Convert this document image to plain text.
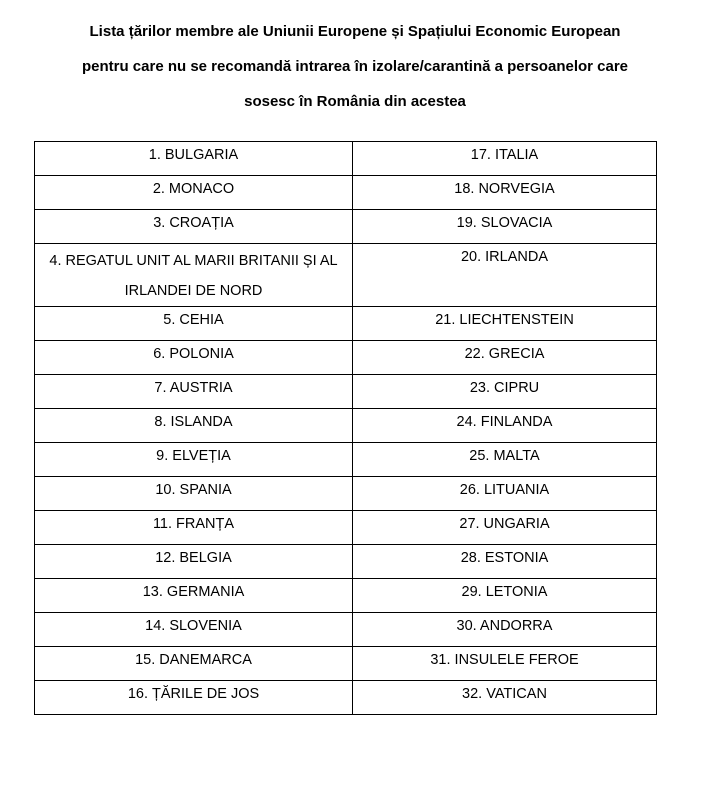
Lista țărilor membre ale Uniunii Europene și Spațiului Economic European
pentru care nu se recomandă intrarea în izolare/carantină a persoanelor care
sosesc în România din acestea
1. BULGARIA	17. ITALIA
2. MONACO	18. NORVEGIA
3. CROAȚIA	19. SLOVACIA
4. REGATUL UNIT AL MARII BRITANII ȘI AL IRLANDEI DE NORD	20. IRLANDA
5. CEHIA	21. LIECHTENSTEIN
6. POLONIA	22. GRECIA
7. AUSTRIA	23. CIPRU
8. ISLANDA	24. FINLANDA
9. ELVEȚIA	25. MALTA
10. SPANIA	26. LITUANIA
11. FRANȚA	27. UNGARIA
12. BELGIA	28. ESTONIA
13. GERMANIA	29. LETONIA
14. SLOVENIA	30. ANDORRA
15. DANEMARCA	31. INSULELE FEROE
16. ȚĂRILE DE JOS	32. VATICAN
